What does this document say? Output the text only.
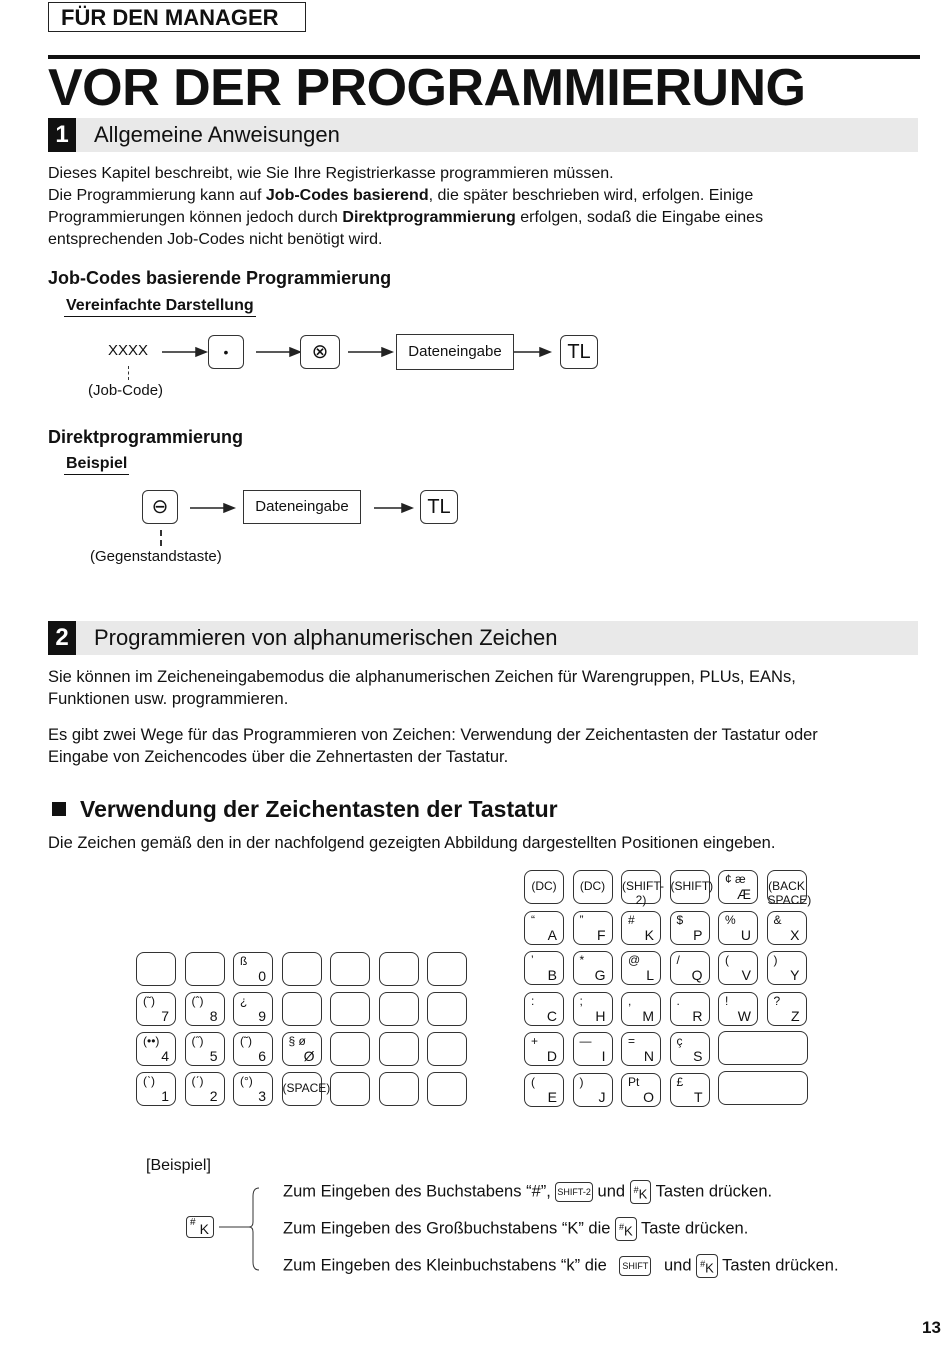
FÜR DEN MANAGER
VOR DER PROGRAMMIERUNG
1	Allgemeine Anweisungen
Dieses Kapitel beschreibt, wie Sie Ihre Registrierkasse programmieren müssen.
Die Programmierung kann auf Job-Codes basierend, die später beschrieben wird, erfolgen. Einige
Programmierungen können jedoch durch Direktprogrammierung erfolgen, sodaß die Eingabe eines
entsprechenden Job-Codes nicht benötigt wird.
Job-Codes basierende Programmierung
Vereinfachte Darstellung
XXXX
(Job-Code)
•	⊗	Dateneingabe	TL
Direktprogrammierung
Beispiel
⊖	Dateneingabe	TL
(Gegenstandstaste)
2	Programmieren von alphanumerischen Zeichen
Sie können im Zeicheneingabemodus die alphanumerischen Zeichen für Warengruppen, PLUs, EANs,
Funktionen usw. programmieren.
Es gibt zwei Wege für das Programmieren von Zeichen: Verwendung der Zeichentasten der Tastatur oder
Eingabe von Zeichencodes über die Zehnertasten der Tastatur.
Verwendung der Zeichentasten der Tastatur
Die Zeichen gemäß den in der nachfolgend gezeigten Abbildung dargestellten Positionen eingeben.
ß
0
(˜)
7
(ˆ)
8
¿
9
(••)
4
(˝)
5
(˜)
6
§ ø
Ø
(ˋ)
1
(ˊ)
2
(°)
3 (SPACE)
(DC)	(DC)	(SHIFT-2)
(SHIFT) ¢ æ
Æ (BACK SPACE)
“
A
”
F
#
K
$
P
%
U
&
X
’
B
*
G
@
L
/
Q
(
V
)
Y
:
C
;
H
,
M
.
R
!
W
?
Z
+
D
—
I
=
N
ç
S
(
E
)
J
Pt
O
£
T
[Beispiel]
# K
Zum Eingeben des Buchstabens “#”, SHIFT-2 und #K Tasten drücken.
Zum Eingeben des Großbuchstabens “K” die #K Taste drücken.
Zum Eingeben des Kleinbuchstabens “k” die SHIFT und #K Tasten drücken.
13
